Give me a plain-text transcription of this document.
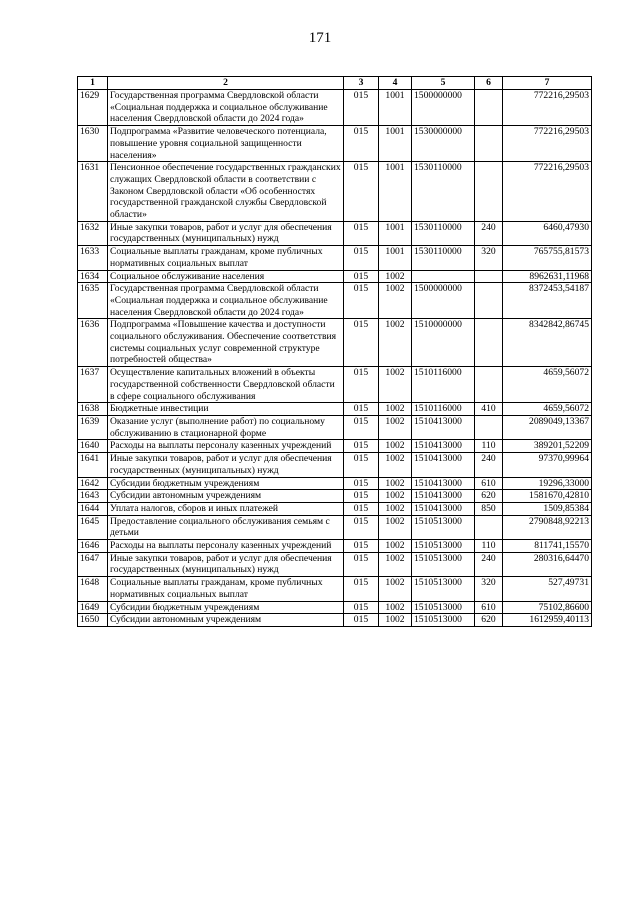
171
1	2	3	4	5	6	7
1629	Государственная программа Свердловской области «Социальная поддержка и социальное обслуживание населения Свердловской области до 2024 года»	015	1001	1500000000		772216,29503
1630	Подпрограмма «Развитие человеческого потенциала, повышение уровня социальной защищенности населения»	015	1001	1530000000		772216,29503
1631	Пенсионное обеспечение государственных гражданских служащих Свердловской области в соответствии с Законом Свердловской области «Об особенностях государственной гражданской службы Свердловской области»	015	1001	1530110000		772216,29503
1632	Иные закупки товаров, работ и услуг для обеспечения государственных (муниципальных) нужд	015	1001	1530110000	240	6460,47930
1633	Социальные выплаты гражданам, кроме публичных нормативных социальных выплат	015	1001	1530110000	320	765755,81573
1634	Социальное обслуживание населения	015	1002			8962631,11968
1635	Государственная программа Свердловской области «Социальная поддержка и социальное обслуживание населения Свердловской области до 2024 года»	015	1002	1500000000		8372453,54187
1636	Подпрограмма «Повышение качества и доступности социального обслуживания. Обеспечение соответствия системы социальных услуг современной структуре потребностей общества»	015	1002	1510000000		8342842,86745
1637	Осуществление капитальных вложений в объекты государственной собственности Свердловской области в сфере социального обслуживания	015	1002	1510116000		4659,56072
1638	Бюджетные инвестиции	015	1002	1510116000	410	4659,56072
1639	Оказание услуг (выполнение работ) по социальному обслуживанию в стационарной форме	015	1002	1510413000		2089049,13367
1640	Расходы на выплаты персоналу казенных учреждений	015	1002	1510413000	110	389201,52209
1641	Иные закупки товаров, работ и услуг для обеспечения государственных (муниципальных) нужд	015	1002	1510413000	240	97370,99964
1642	Субсидии бюджетным учреждениям	015	1002	1510413000	610	19296,33000
1643	Субсидии автономным учреждениям	015	1002	1510413000	620	1581670,42810
1644	Уплата налогов, сборов и иных платежей	015	1002	1510413000	850	1509,85384
1645	Предоставление социального обслуживания семьям с детьми	015	1002	1510513000		2790848,92213
1646	Расходы на выплаты персоналу казенных учреждений	015	1002	1510513000	110	811741,15570
1647	Иные закупки товаров, работ и услуг для обеспечения государственных (муниципальных) нужд	015	1002	1510513000	240	280316,64470
1648	Социальные выплаты гражданам, кроме публичных нормативных социальных выплат	015	1002	1510513000	320	527,49731
1649	Субсидии бюджетным учреждениям	015	1002	1510513000	610	75102,86600
1650	Субсидии автономным учреждениям	015	1002	1510513000	620	1612959,40113
